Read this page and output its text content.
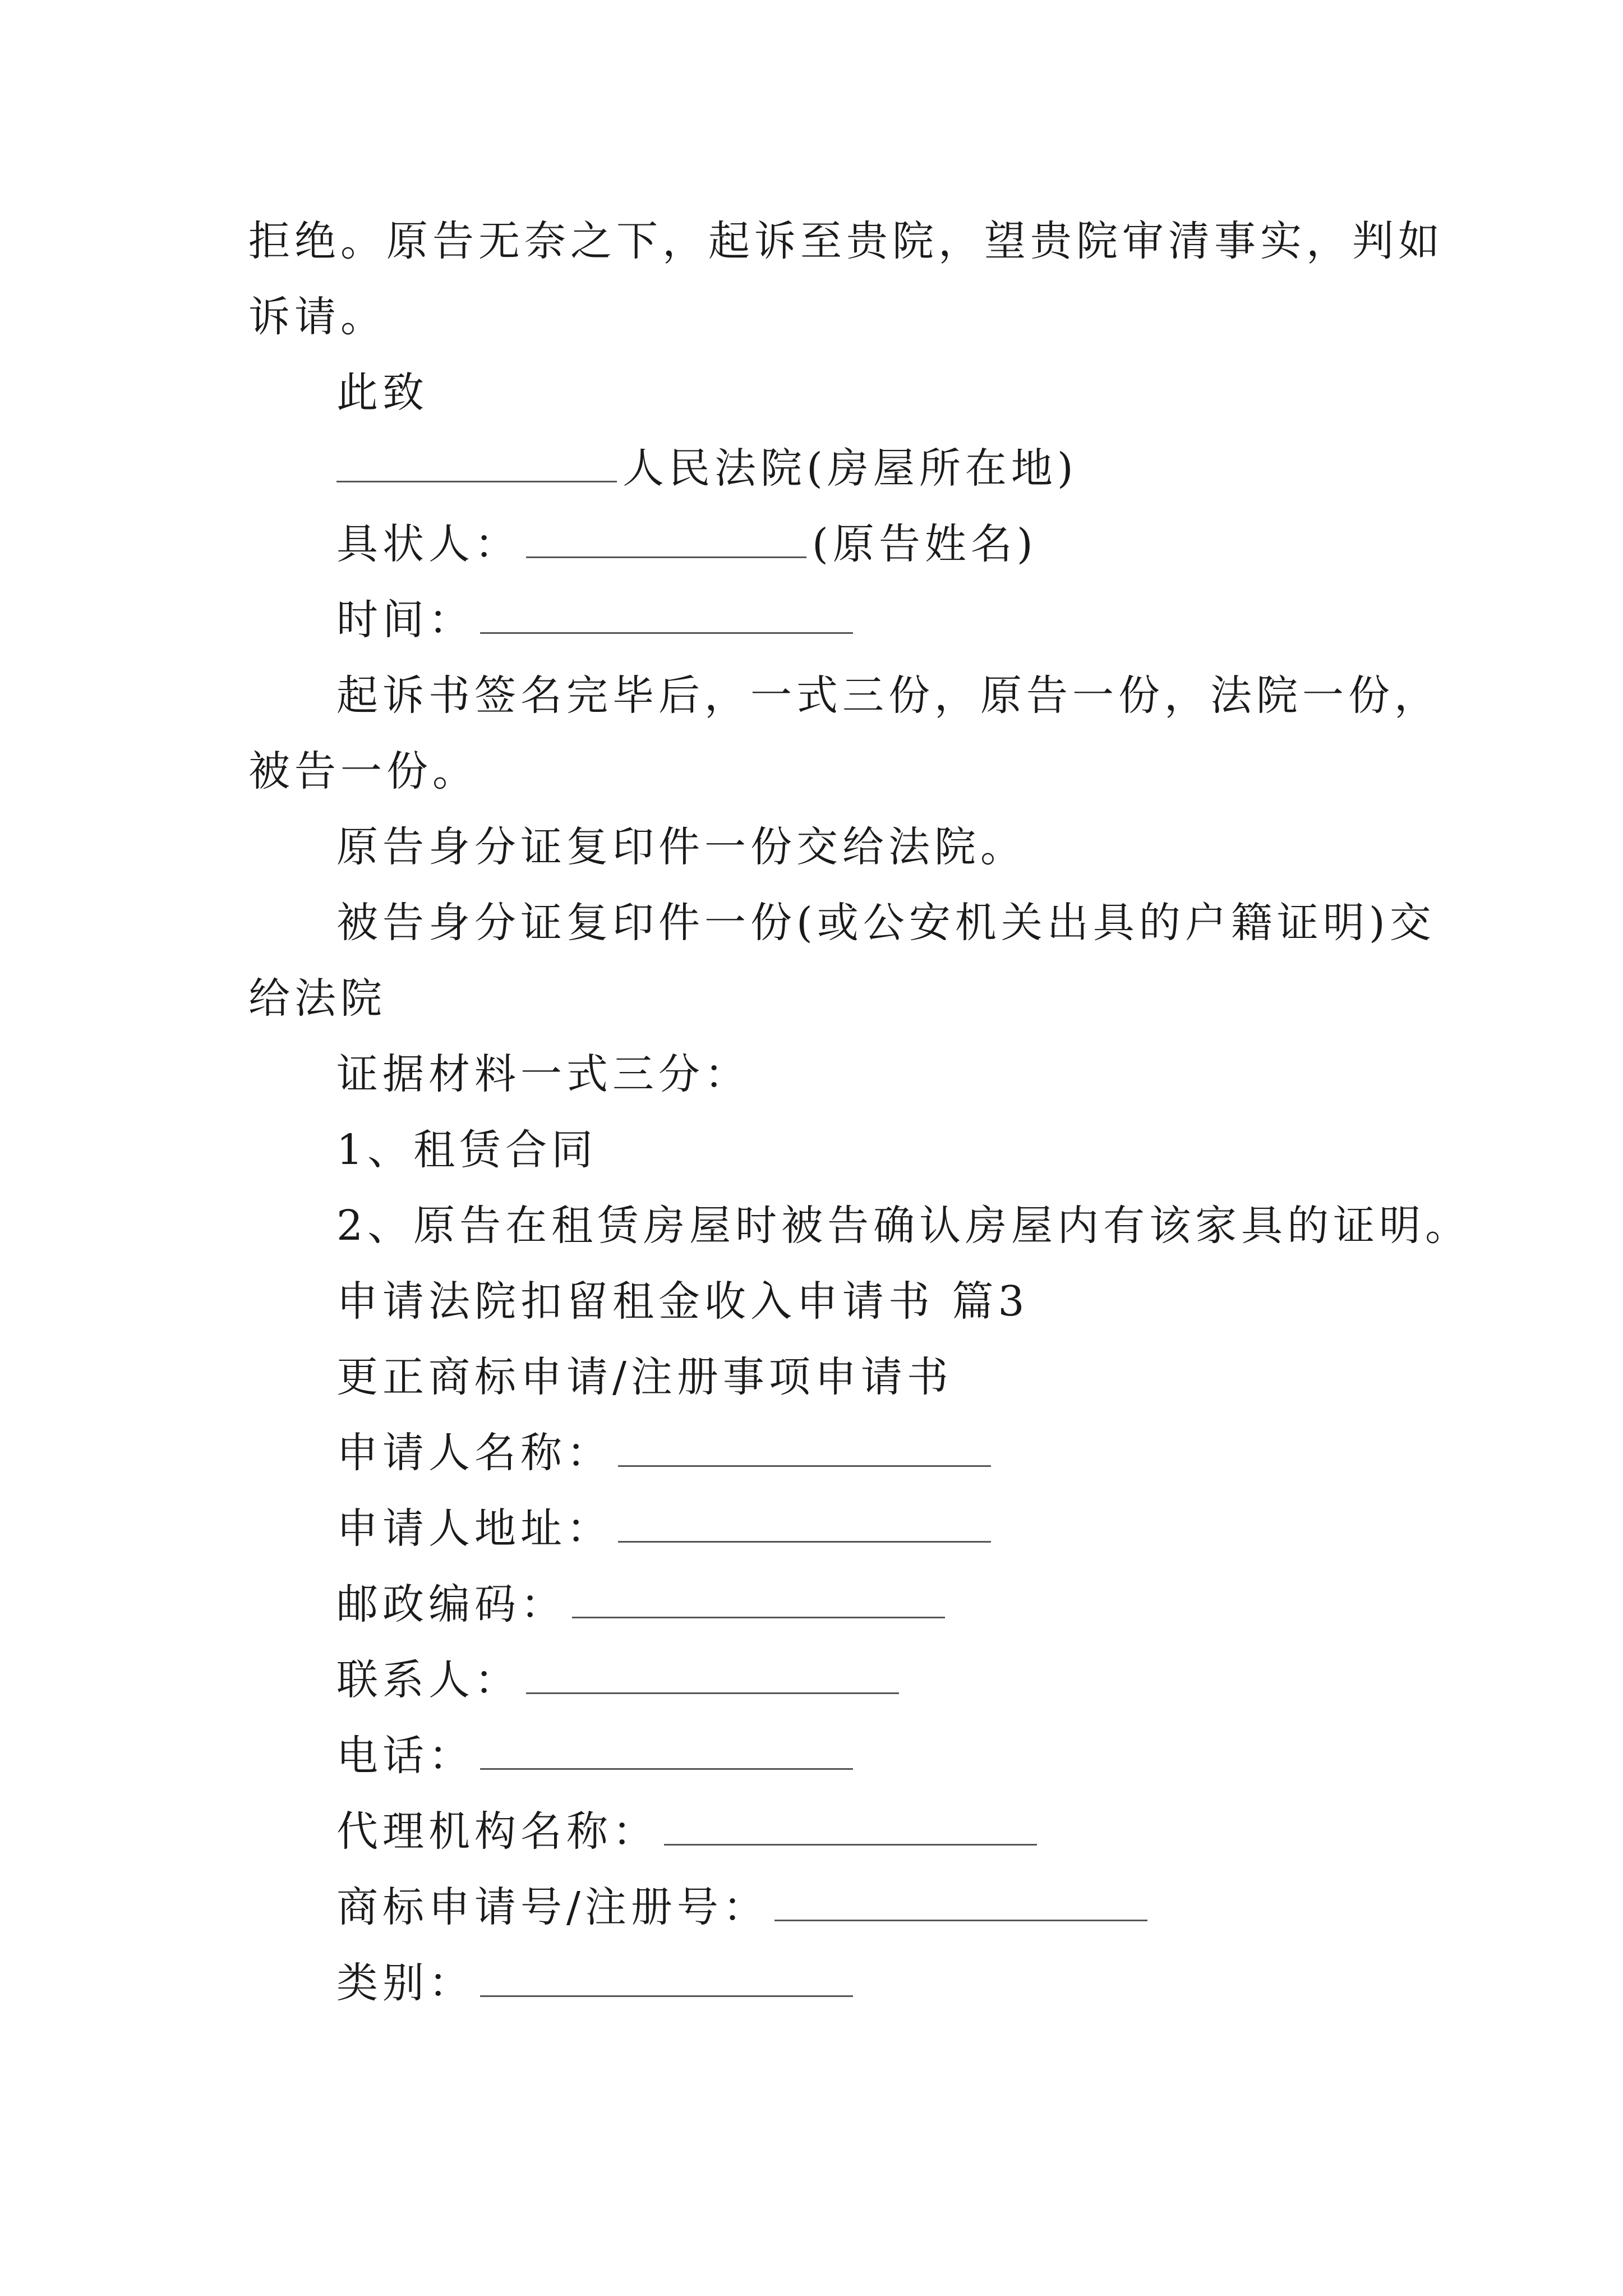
拒绝。原告无奈之下，起诉至贵院，望贵院审清事实，判如
诉请。
此致
人民法院(房屋所在地)
具状人：	(原告姓名)
时间：
起诉书签名完毕后，一式三份，原告一份，法院一份，
被告一份。
原告身分证复印件一份交给法院。
被告身分证复印件一份(或公安机关出具的户籍证明)交
给法院
证据材料一式三分：
1、租赁合同
2、原告在租赁房屋时被告确认房屋内有该家具的证明。
申请法院扣留租金收入申请书 篇3
更正商标申请/注册事项申请书
申请人名称：
申请人地址：
邮政编码：
联系人：
电话：
代理机构名称：
商标申请号/注册号：
类别：
